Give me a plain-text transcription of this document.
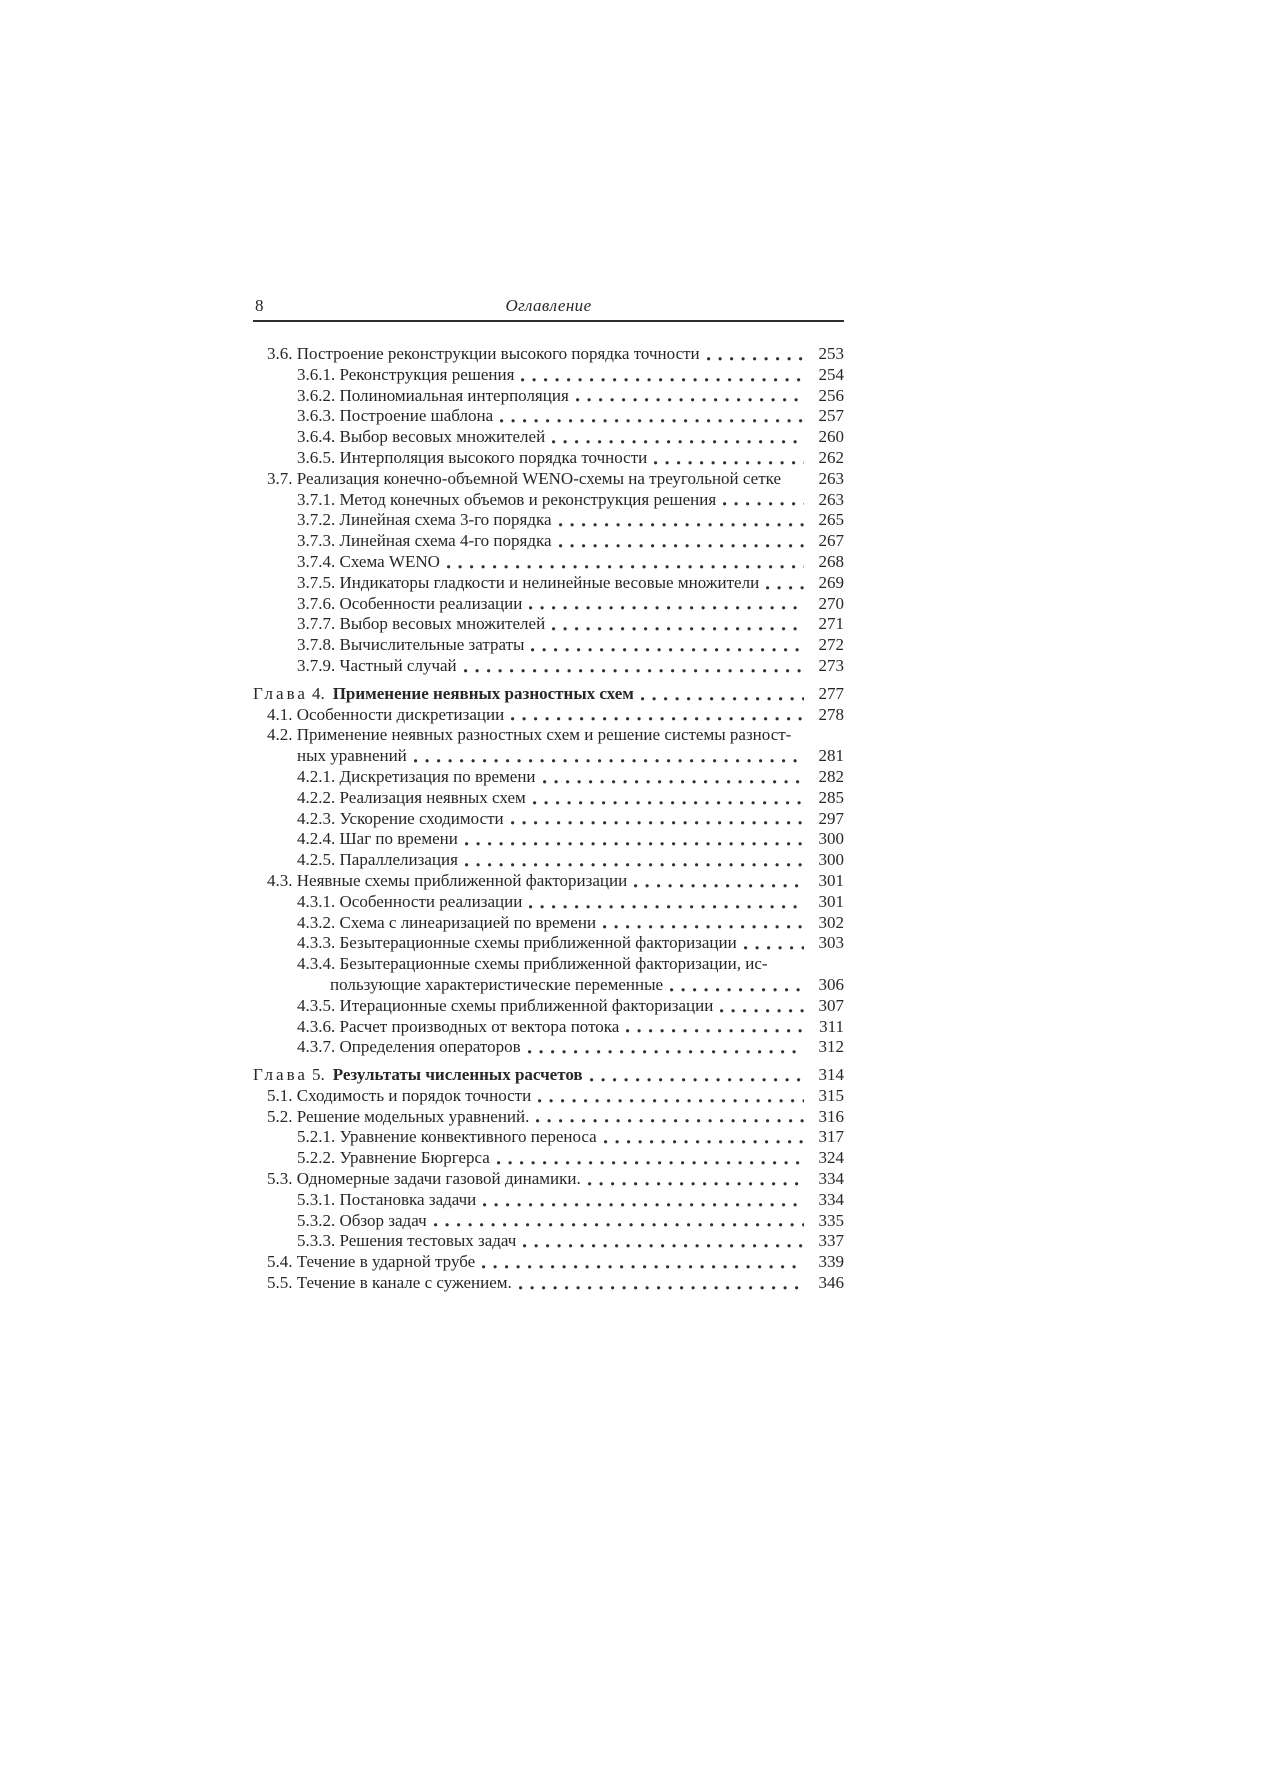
8	Оглавление
3.6. Построение реконструкции высокого порядка точности	253
3.6.1. Реконструкция решения	254
3.6.2. Полиномиальная интерполяция	256
3.6.3. Построение шаблона	257
3.6.4. Выбор весовых множителей	260
3.6.5. Интерполяция высокого порядка точности	262
3.7. Реализация конечно-объемной WENO-схемы на треугольной сетке	263
3.7.1. Метод конечных объемов и реконструкция решения	263
3.7.2. Линейная схема 3-го порядка	265
3.7.3. Линейная схема 4-го порядка	267
3.7.4. Схема WENO	268
3.7.5. Индикаторы гладкости и нелинейные весовые множители	269
3.7.6. Особенности реализации	270
3.7.7. Выбор весовых множителей	271
3.7.8. Вычислительные затраты	272
3.7.9. Частный случай	273
Глава 4. Применение неявных разностных схем	277
4.1. Особенности дискретизации	278
4.2. Применение неявных разностных схем и решение системы разност-
ных уравнений	281
4.2.1. Дискретизация по времени	282
4.2.2. Реализация неявных схем	285
4.2.3. Ускорение сходимости	297
4.2.4. Шаг по времени	300
4.2.5. Параллелизация	300
4.3. Неявные схемы приближенной факторизации	301
4.3.1. Особенности реализации	301
4.3.2. Схема с линеаризацией по времени	302
4.3.3. Безытерационные схемы приближенной факторизации	303
4.3.4. Безытерационные схемы приближенной факторизации, ис-
пользующие характеристические переменные	306
4.3.5. Итерационные схемы приближенной факторизации	307
4.3.6. Расчет производных от вектора потока	311
4.3.7. Определения операторов	312
Глава 5. Результаты численных расчетов	314
5.1. Сходимость и порядок точности	315
5.2. Решение модельных уравнений.	316
5.2.1. Уравнение конвективного переноса	317
5.2.2. Уравнение Бюргерса	324
5.3. Одномерные задачи газовой динамики.	334
5.3.1. Постановка задачи	334
5.3.2. Обзор задач	335
5.3.3. Решения тестовых задач	337
5.4. Течение в ударной трубе	339
5.5. Течение в канале с сужением.	346
